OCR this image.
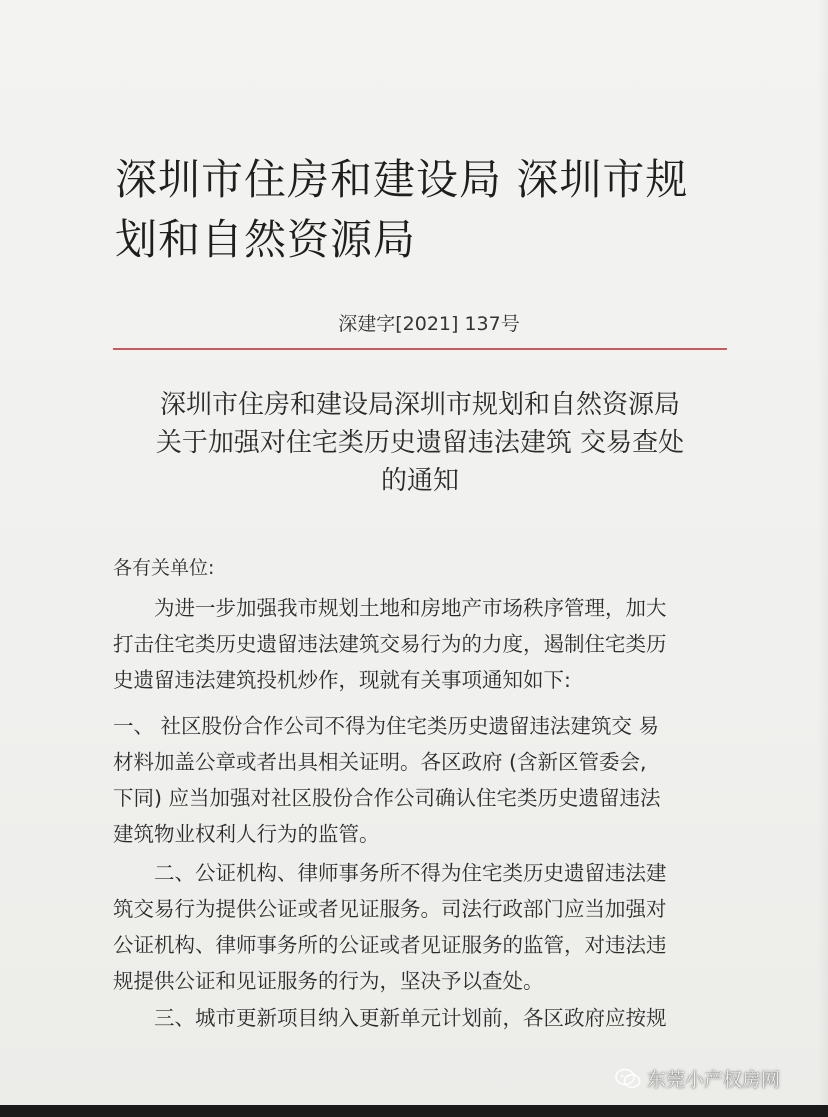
深圳市住房和建设局 深圳市规
划和自然资源局
深建字[2021] 137号
深圳市住房和建设局深圳市规划和自然资源局
关于加强对住宅类历史遗留违法建筑 交易查处
的通知
各有关单位:

　　为进一步加强我市规划土地和房地产市场秩序管理，加大
打击住宅类历史遗留违法建筑交易行为的力度，遏制住宅类历
史遗留违法建筑投机炒作，现就有关事项通知如下:

一、 社区股份合作公司不得为住宅类历史遗留违法建筑交 易
材料加盖公章或者出具相关证明。各区政府 (含新区管委会,
下同) 应当加强对社区股份合作公司确认住宅类历史遗留违法
建筑物业权利人行为的监管。

　　二、公证机构、律师事务所不得为住宅类历史遗留违法建
筑交易行为提供公证或者见证服务。司法行政部门应当加强对
公证机构、律师事务所的公证或者见证服务的监管，对违法违
规提供公证和见证服务的行为，坚决予以查处。

　　三、城市更新项目纳入更新单元计划前，各区政府应按规

东莞小产权房网
